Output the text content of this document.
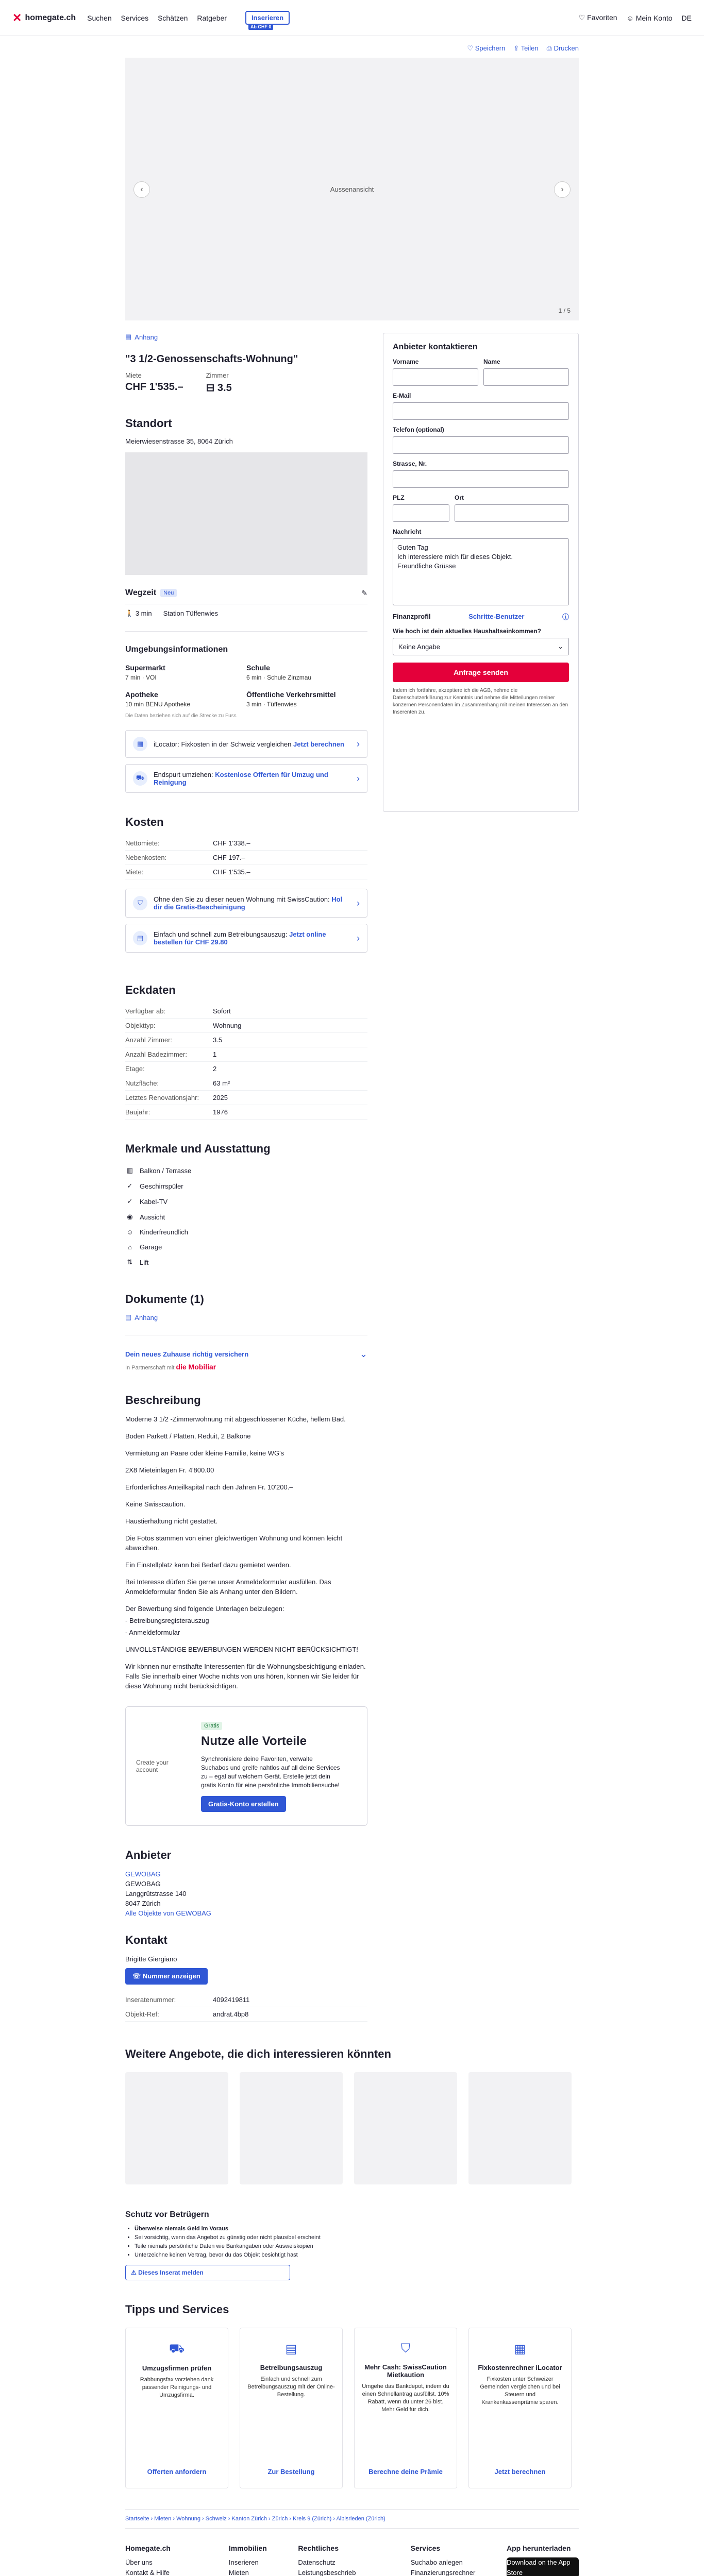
✕ homegate.ch Suchen Services Schätzen Ratgeber	Inserieren
Ab CHF 0
♡ Favoriten ☺ Mein Konto DE
♡ Speichern ⇪ Teilen ⎙ Drucken
Aussenansicht
‹	›
1 / 5
▤ Anhang
"3 1/2-Genossenschafts-Wohnung"
Miete
CHF 1'535.–
Zimmer
⊟ 3.5
Standort
Meierwiesenstrasse 35, 8064 Zürich
Wegzeit	Neu	✎
🚶 3 min Station Tüffenwies
Umgebungsinformationen
Supermarkt
7 min · VOI
Schule
6 min · Schule Zinzmau
Apotheke
10 min BENU Apotheke
Öffentliche Verkehrsmittel
3 min · Tüffenwies
Die Daten beziehen sich auf die Strecke zu Fuss
▦	iLocator: Fixkosten in der Schweiz vergleichen Jetzt berechnen	›
⛟	Endspurt umziehen: Kostenlose Offerten für Umzug und Reinigung	›
Kosten
Nettomiete:	CHF 1'338.–
Nebenkosten:	CHF 197.–
Miete:	CHF 1'535.–
⛉	Ohne den Sie zu dieser neuen Wohnung mit SwissCaution: Hol dir die Gratis-Bescheinigung	›
▤	Einfach und schnell zum Betreibungsauszug: Jetzt online bestellen für CHF 29.80	›
Eckdaten
Verfügbar ab:	Sofort
Objekttyp:	Wohnung
Anzahl Zimmer:	3.5
Anzahl Badezimmer:	1
Etage:	2
Nutzfläche:	63 m²
Letztes Renovationsjahr:	2025
Baujahr:	1976
Merkmale und Ausstattung
▥ Balkon / Terrasse
✓ Geschirrspüler
✓ Kabel-TV
◉ Aussicht
☺ Kinderfreundlich
⌂	Garage
⇅ Lift
Dokumente (1)
▤ Anhang
Dein neues Zuhause richtig versichern	⌄
In Partnerschaft mit die Mobiliar
Beschreibung

Moderne 3 1/2 -Zimmerwohnung mit abgeschlossener Küche, hellem Bad.

Boden Parkett / Platten, Reduit, 2 Balkone

Vermietung an Paare oder kleine Familie, keine WG's

2X8 Mieteinlagen Fr. 4'800.00

Erforderliches Anteilkapital nach den Jahren Fr. 10'200.–

Keine Swisscaution.

Haustierhaltung nicht gestattet.

Die Fotos stammen von einer gleichwertigen Wohnung und können leicht abweichen.

Ein Einstellplatz kann bei Bedarf dazu gemietet werden.

Bei Interesse dürfen Sie gerne unser Anmeldeformular ausfüllen. Das Anmeldeformular finden Sie als Anhang unter den Bildern.

Der Bewerbung sind folgende Unterlagen beizulegen:

- Betreibungsregisterauszug

- Anmeldeformular

UNVOLLSTÄNDIGE BEWERBUNGEN WERDEN NICHT BERÜCKSICHTIGT!

Wir können nur ernsthafte Interessenten für die Wohnungsbesichtigung einladen. Falls Sie innerhalb einer Woche nichts von uns hören, können wir Sie leider für diese Wohnung nicht berücksichtigen.

Create your account
Gratis
Nutze alle Vorteile
Synchronisiere deine Favoriten, verwalte Suchabos und greife nahtlos auf all deine Services zu – egal auf welchem Gerät. Erstelle jetzt dein gratis Konto für eine persönliche Immobiliensuche!
Gratis-Konto erstellen
Anbieter
GEWOBAG
GEWOBAG
Langgrütstrasse 140
8047 Zürich
Alle Objekte von GEWOBAG
Kontakt
Brigitte Giergiano
☏ Nummer anzeigen
Inseratenummer:	4092419811
Objekt-Ref:	andrat.4bp8
Anbieter kontaktieren
Vorname	Name
E-Mail
Telefon (optional)
Strasse, Nr.
PLZ	Ort
Nachricht
Guten Tag
Ich interessiere mich für dieses Objekt.
Freundliche Grüsse
Finanzprofil	Schritte-Benutzer	ⓘ
Wie hoch ist dein aktuelles Haushaltseinkommen?
Keine Angabe	⌄
Anfrage senden
Indem ich fortfahre, akzeptiere ich die AGB, nehme die Datenschutzerklärung zur Kenntnis und nehme die Mitteilungen meiner konzernen Personendaten im Zusammenhang mit meinen Interessen an den Inserenten zu.
Weitere Angebote, die dich interessieren könnten
Schutz vor Betrügern
• Überweise niemals Geld im Voraus
• Sei vorsichtig, wenn das Angebot zu günstig oder nicht plausibel erscheint
• Teile niemals persönliche Daten wie Bankangaben oder Ausweiskopien
• Unterzeichne keinen Vertrag, bevor du das Objekt besichtigt hast
⚠ Dieses Inserat melden
Tipps und Services
⛟
Umzugsfirmen prüfen

Rabbungsfax vorziehen dank passender Reinigungs- und Umzugsfirma.

Offerten anfordern
▤
Betreibungsauszug

Einfach und schnell zum Betreibungsauszug mit der Online-Bestellung.

Zur Bestellung
⛉
Mehr Cash: SwissCaution Mietkaution

Umgehe das Bankdepot, indem du einen Schnellantrag ausfüllst. 10% Rabatt, wenn du unter 26 bist. Mehr Geld für dich.

Berechne deine Prämie
▦
Fixkostenrechner iLocator

Fixkosten unter Schweizer Gemeinden vergleichen und bei Steuern und Krankenkassenprämie sparen.

Jetzt berechnen
Startseite › Mieten › Wohnung › Schweiz › Kanton Zürich › Zürich › Kreis 9 (Zürich) › Albisrieden (Zürich)
Homegate.ch
Über uns
Kontakt & Hilfe
Immobilien
Inserieren
Mieten
Rechtliches
Datenschutz
Leistungsbeschrieb
Services
Suchabo anlegen
Finanzierungsrechner
App herunterladen
Download on the App Store
